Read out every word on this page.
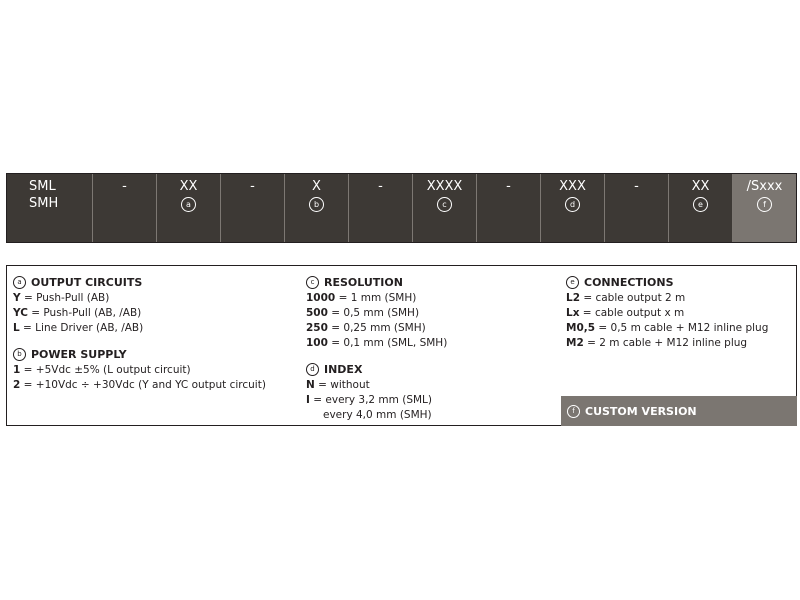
SML
SMH
-	XX
a
-	X
b
-	XXXX
c
-	XXX
d
-	XX
e
/Sxxx
f
a OUTPUT CIRCUITS
Y = Push-Pull (AB)
YC = Push-Pull (AB, /AB)
L = Line Driver (AB, /AB)
b POWER SUPPLY
1 = +5Vdc ±5% (L output circuit)
2 = +10Vdc ÷ +30Vdc (Y and YC output circuit)
c RESOLUTION
1000 = 1 mm (SMH)
500 = 0,5 mm (SMH)
250 = 0,25 mm (SMH)
100 = 0,1 mm (SML, SMH)
d INDEX
N = without
I = every 3,2 mm (SML)
every 4,0 mm (SMH)
e CONNECTIONS
L2 = cable output 2 m
Lx = cable output x m
M0,5 = 0,5 m cable + M12 inline plug
M2 = 2 m cable + M12 inline plug
f CUSTOM VERSION
